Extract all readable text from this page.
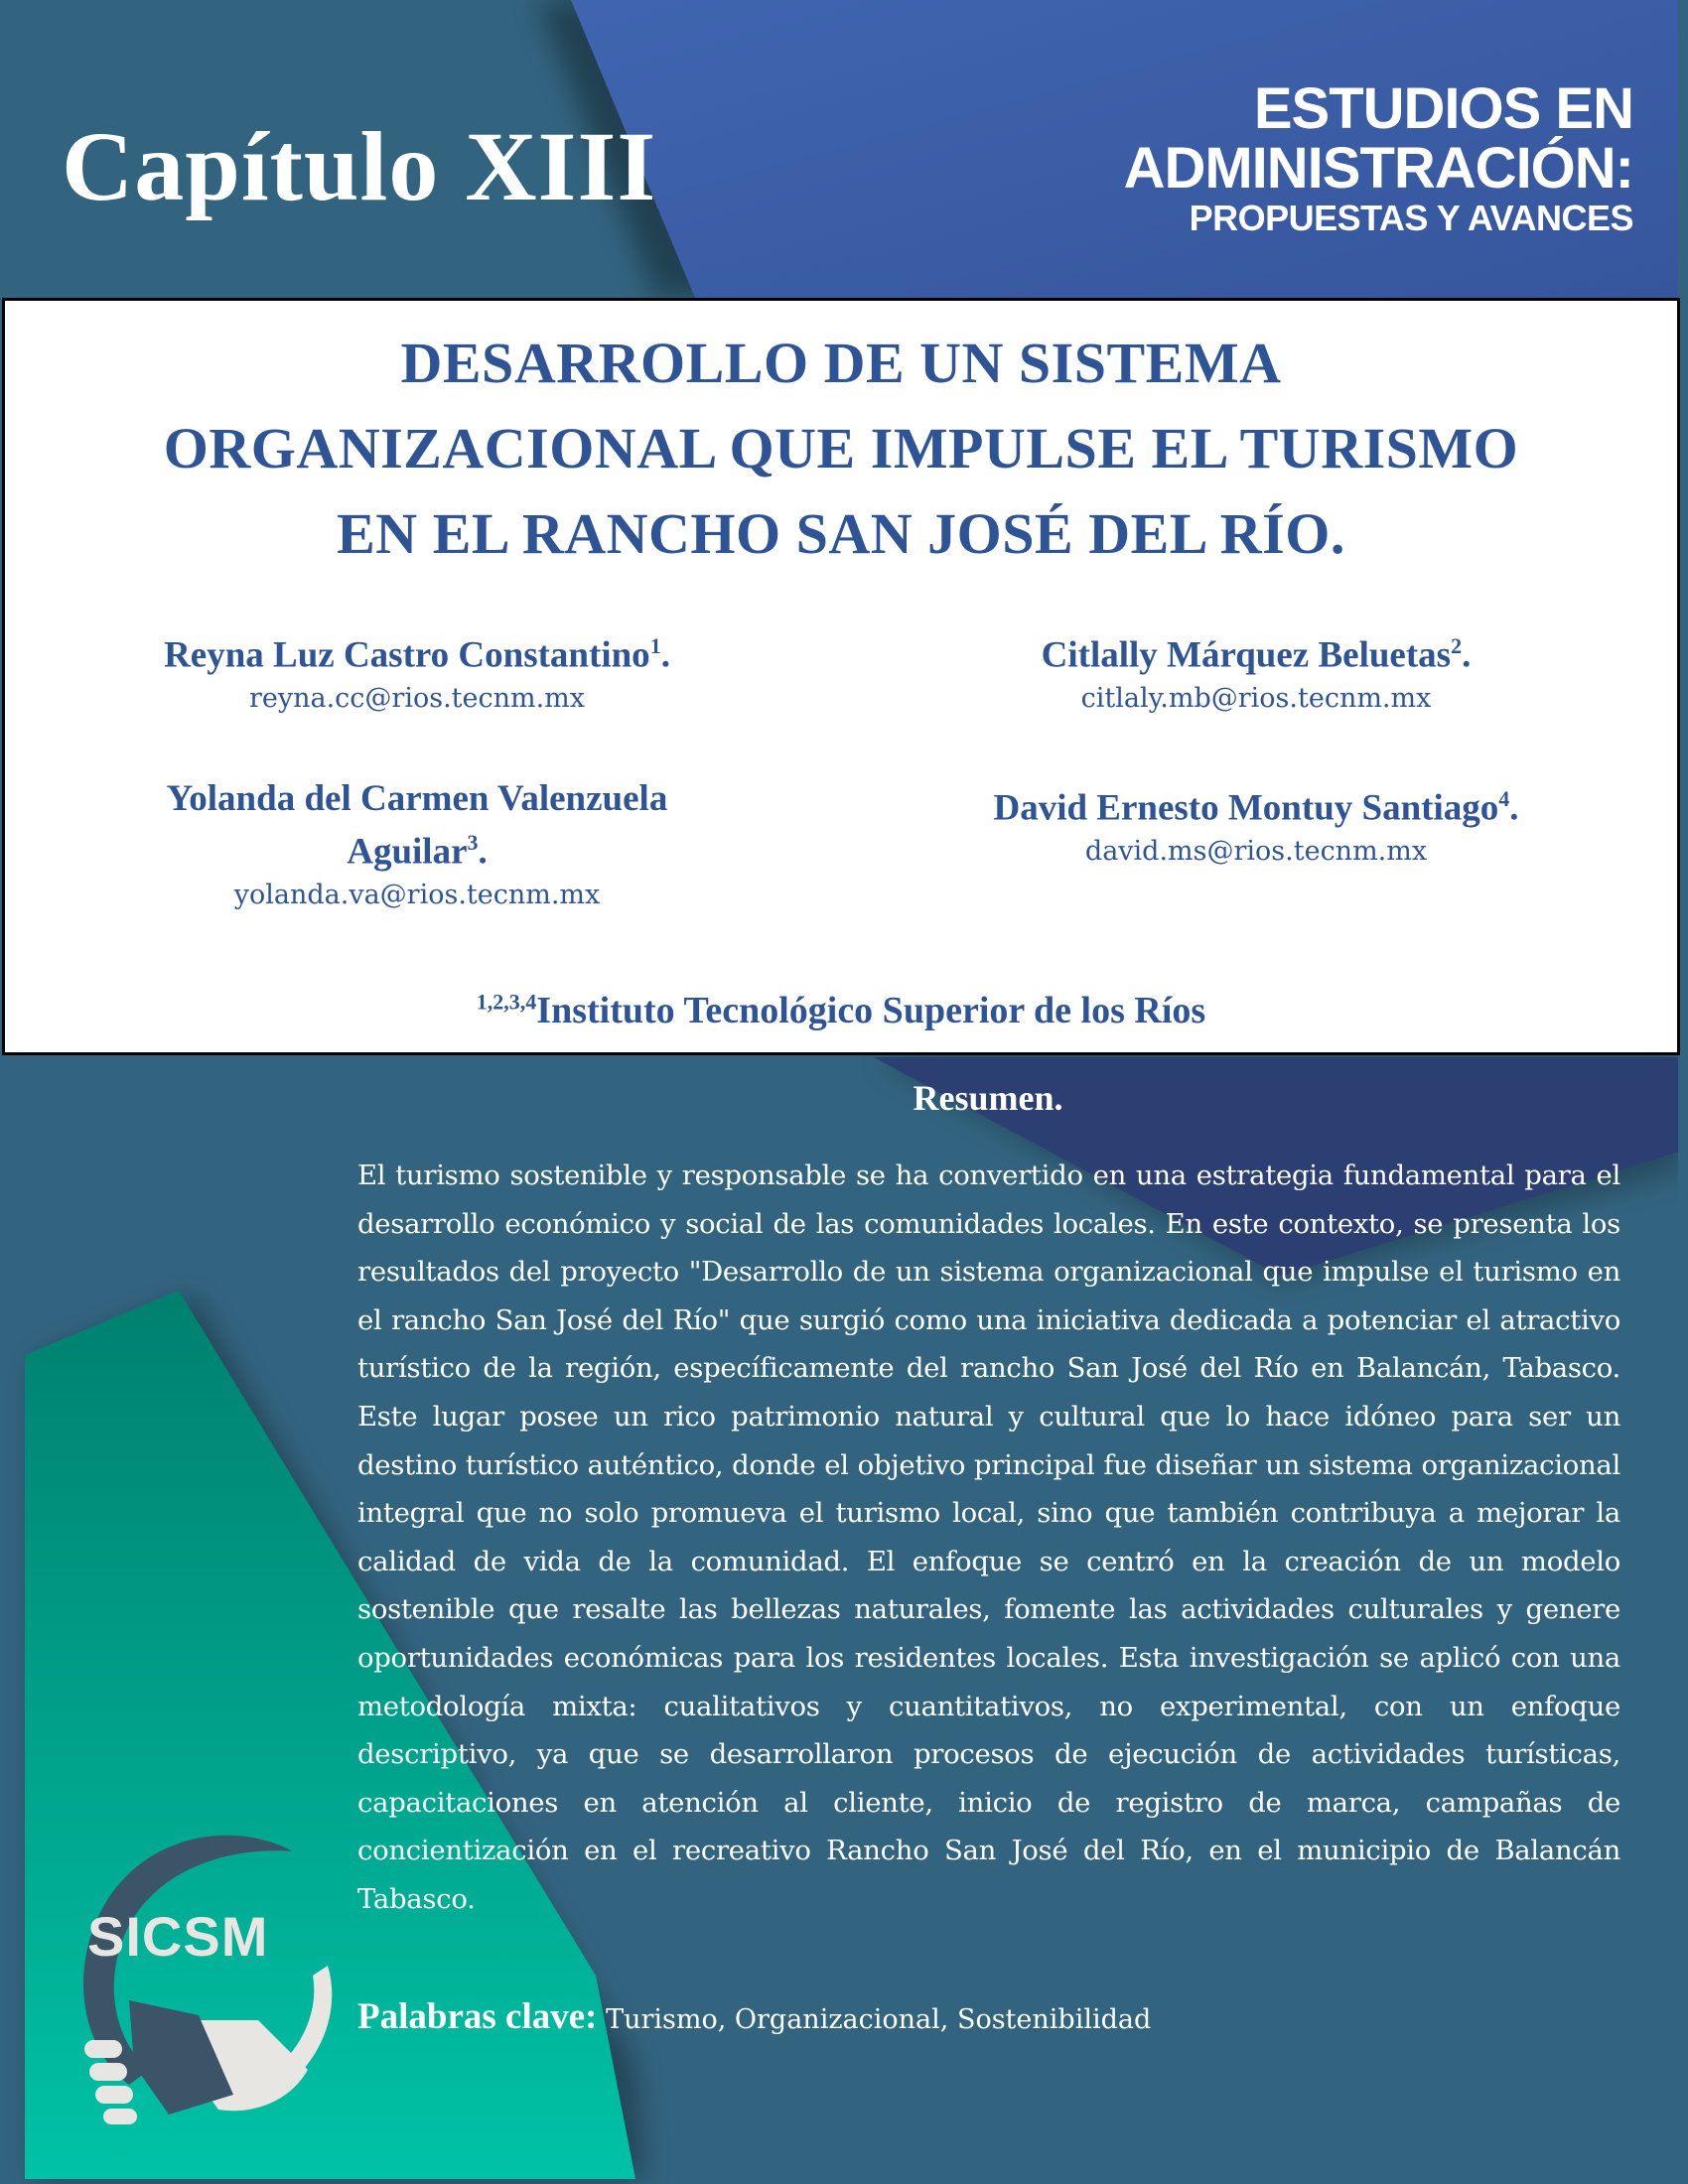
Capítulo XIII
ESTUDIOS EN
ADMINISTRACIÓN:
PROPUESTAS Y AVANCES
DESARROLLO DE UN SISTEMA
ORGANIZACIONAL QUE IMPULSE EL TURISMO
EN EL RANCHO SAN JOSÉ DEL RÍO.
Reyna Luz Castro Constantino$^1$.
reyna.cc@rios.tecnm.mx
Citlally Márquez Beluetas$^2$.
citlaly.mb@rios.tecnm.mx
Yolanda del Carmen Valenzuela
Aguilar$^3$.
yolanda.va@rios.tecnm.mx
David Ernesto Montuy Santiago$^4$.
david.ms@rios.tecnm.mx
$^{1,2,3,4}$Instituto Tecnológico Superior de los Ríos
Resumen.

El turismo sostenible y responsable se ha convertido en una estrategia fundamental para el desarrollo económico y social de las comunidades locales. En este contexto, se presenta los resultados del proyecto "Desarrollo de un sistema organizacional que impulse el turismo en el rancho San José del Río" que surgió como una iniciativa dedicada a potenciar el atractivo turístico de la región, específicamente del rancho San José del Río en Balancán, Tabasco. Este lugar posee un rico patrimonio natural y cultural que lo hace idóneo para ser un destino turístico auténtico, donde el objetivo principal fue diseñar un sistema organizacional integral que no solo promueva el turismo local, sino que también contribuya a mejorar la calidad de vida de la comunidad. El enfoque se centró en la creación de un modelo sostenible que resalte las bellezas naturales, fomente las actividades culturales y genere oportunidades económicas para los residentes locales. Esta investigación se aplicó con una metodología mixta: cualitativos y cuantitativos, no experimental, con un enfoque descriptivo, ya que se desarrollaron procesos de ejecución de actividades turísticas, capacitaciones en atención al cliente, inicio de registro de marca, campañas de concientización en el recreativo Rancho San José del Río, en el municipio de Balancán Tabasco.

Palabras clave: Turismo, Organizacional, Sostenibilidad
SICSM
